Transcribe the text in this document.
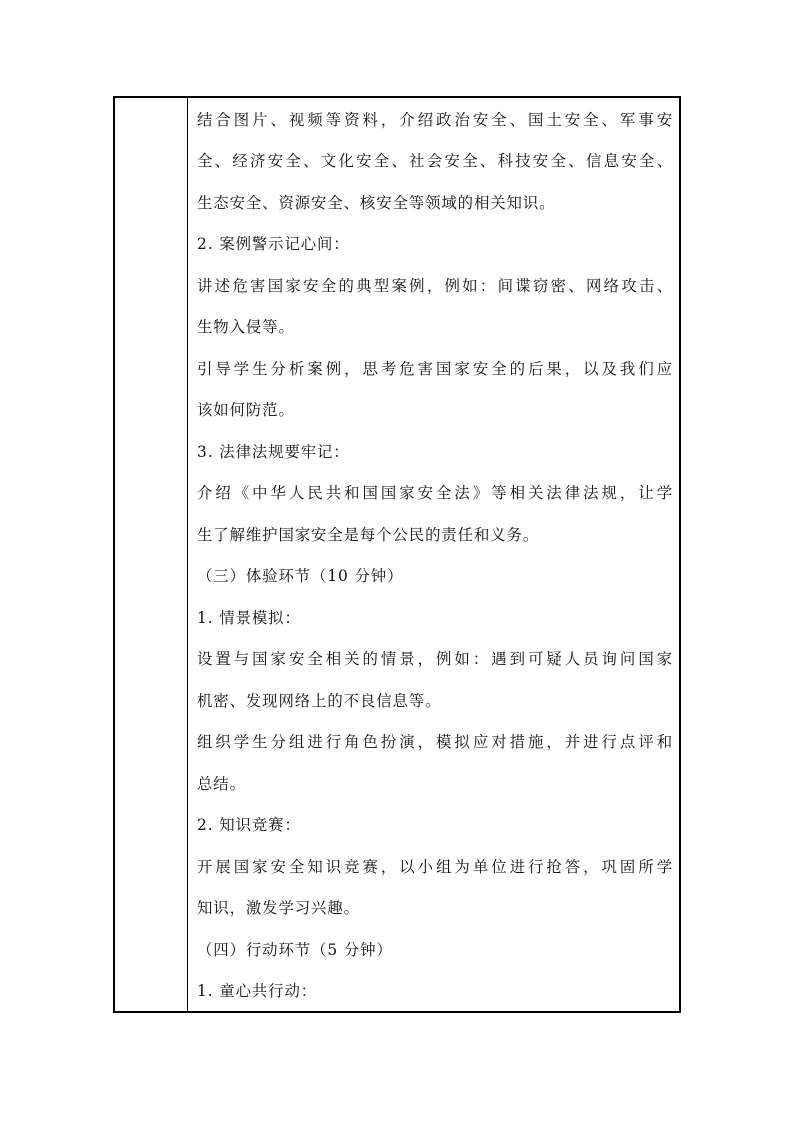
结合图片、视频等资料，介绍政治安全、国土安全、军事安
全、经济安全、文化安全、社会安全、科技安全、信息安全、
生态安全、资源安全、核安全等领域的相关知识。
2. 案例警示记心间：
讲述危害国家安全的典型案例，例如：间谍窃密、网络攻击、
生物入侵等。
引导学生分析案例，思考危害国家安全的后果，以及我们应
该如何防范。
3. 法律法规要牢记：
介绍《中华人民共和国国家安全法》等相关法律法规，让学
生了解维护国家安全是每个公民的责任和义务。
（三）体验环节（10 分钟）
1. 情景模拟：
设置与国家安全相关的情景，例如：遇到可疑人员询问国家
机密、发现网络上的不良信息等。
组织学生分组进行角色扮演，模拟应对措施，并进行点评和
总结。
2. 知识竞赛：
开展国家安全知识竞赛，以小组为单位进行抢答，巩固所学
知识，激发学习兴趣。
（四）行动环节（5 分钟）
1. 童心共行动：
